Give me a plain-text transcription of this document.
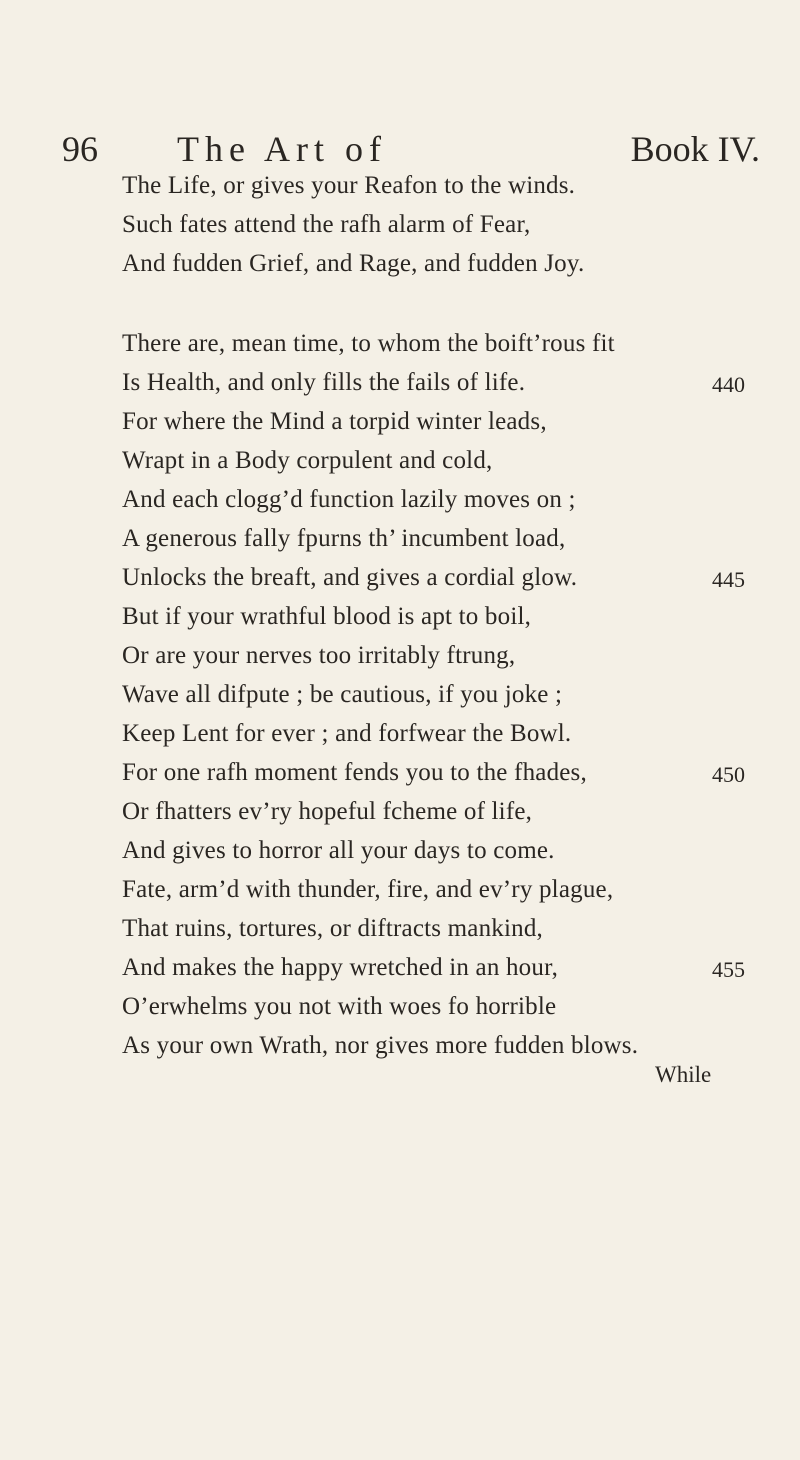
96 The Art of	Book IV.
The Life, or gives your Reafon to the winds.
Such fates attend the rafh alarm of Fear,
And fudden Grief, and Rage, and fudden Joy.
There are, mean time, to whom the boift’rous fit
Is Health, and only fills the fails of life.
For where the Mind a torpid winter leads,
Wrapt in a Body corpulent and cold,
And each clogg’d function lazily moves on ;
A generous fally fpurns th’ incumbent load,
Unlocks the breaft, and gives a cordial glow.
But if your wrathful blood is apt to boil,
Or are your nerves too irritably ftrung,
Wave all difpute ; be cautious, if you joke ;
Keep Lent for ever ; and forfwear the Bowl.
For one rafh moment fends you to the fhades,
Or fhatters ev’ry hopeful fcheme of life,
And gives to horror all your days to come.
Fate, arm’d with thunder, fire, and ev’ry plague,
That ruins, tortures, or diftracts mankind,
And makes the happy wretched in an hour,
O’erwhelms you not with woes fo horrible
As your own Wrath, nor gives more fudden blows.
440
445
450
455
While
